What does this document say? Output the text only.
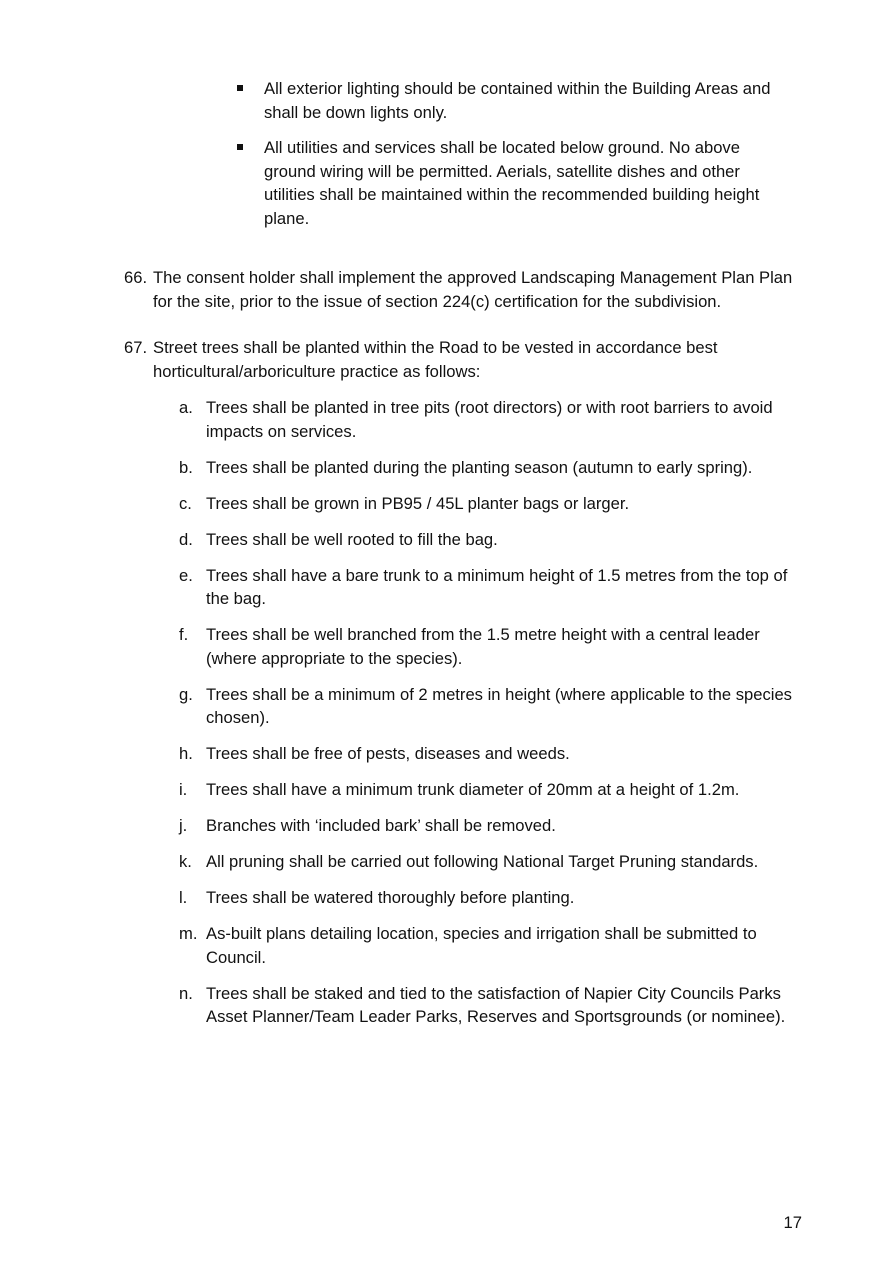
All exterior lighting should be contained within the Building Areas and shall be down lights only.
All utilities and services shall be located below ground. No above ground wiring will be permitted. Aerials, satellite dishes and other utilities shall be maintained within the recommended building height plane.
66. The consent holder shall implement the approved Landscaping Management Plan Plan for the site, prior to the issue of section 224(c) certification for the subdivision.
67. Street trees shall be planted within the Road to be vested in accordance best horticultural/arboriculture practice as follows:
a. Trees shall be planted in tree pits (root directors) or with root barriers to avoid impacts on services.
b. Trees shall be planted during the planting season (autumn to early spring).
c. Trees shall be grown in PB95 / 45L planter bags or larger.
d. Trees shall be well rooted to fill the bag.
e. Trees shall have a bare trunk to a minimum height of 1.5 metres from the top of the bag.
f. Trees shall be well branched from the 1.5 metre height with a central leader (where appropriate to the species).
g. Trees shall be a minimum of 2 metres in height (where applicable to the species chosen).
h. Trees shall be free of pests, diseases and weeds.
i. Trees shall have a minimum trunk diameter of 20mm at a height of 1.2m.
j. Branches with ‘included bark’ shall be removed.
k. All pruning shall be carried out following National Target Pruning standards.
l. Trees shall be watered thoroughly before planting.
m. As-built plans detailing location, species and irrigation shall be submitted to Council.
n. Trees shall be staked and tied to the satisfaction of Napier City Councils Parks Asset Planner/Team Leader Parks, Reserves and Sportsgrounds (or nominee).
17
